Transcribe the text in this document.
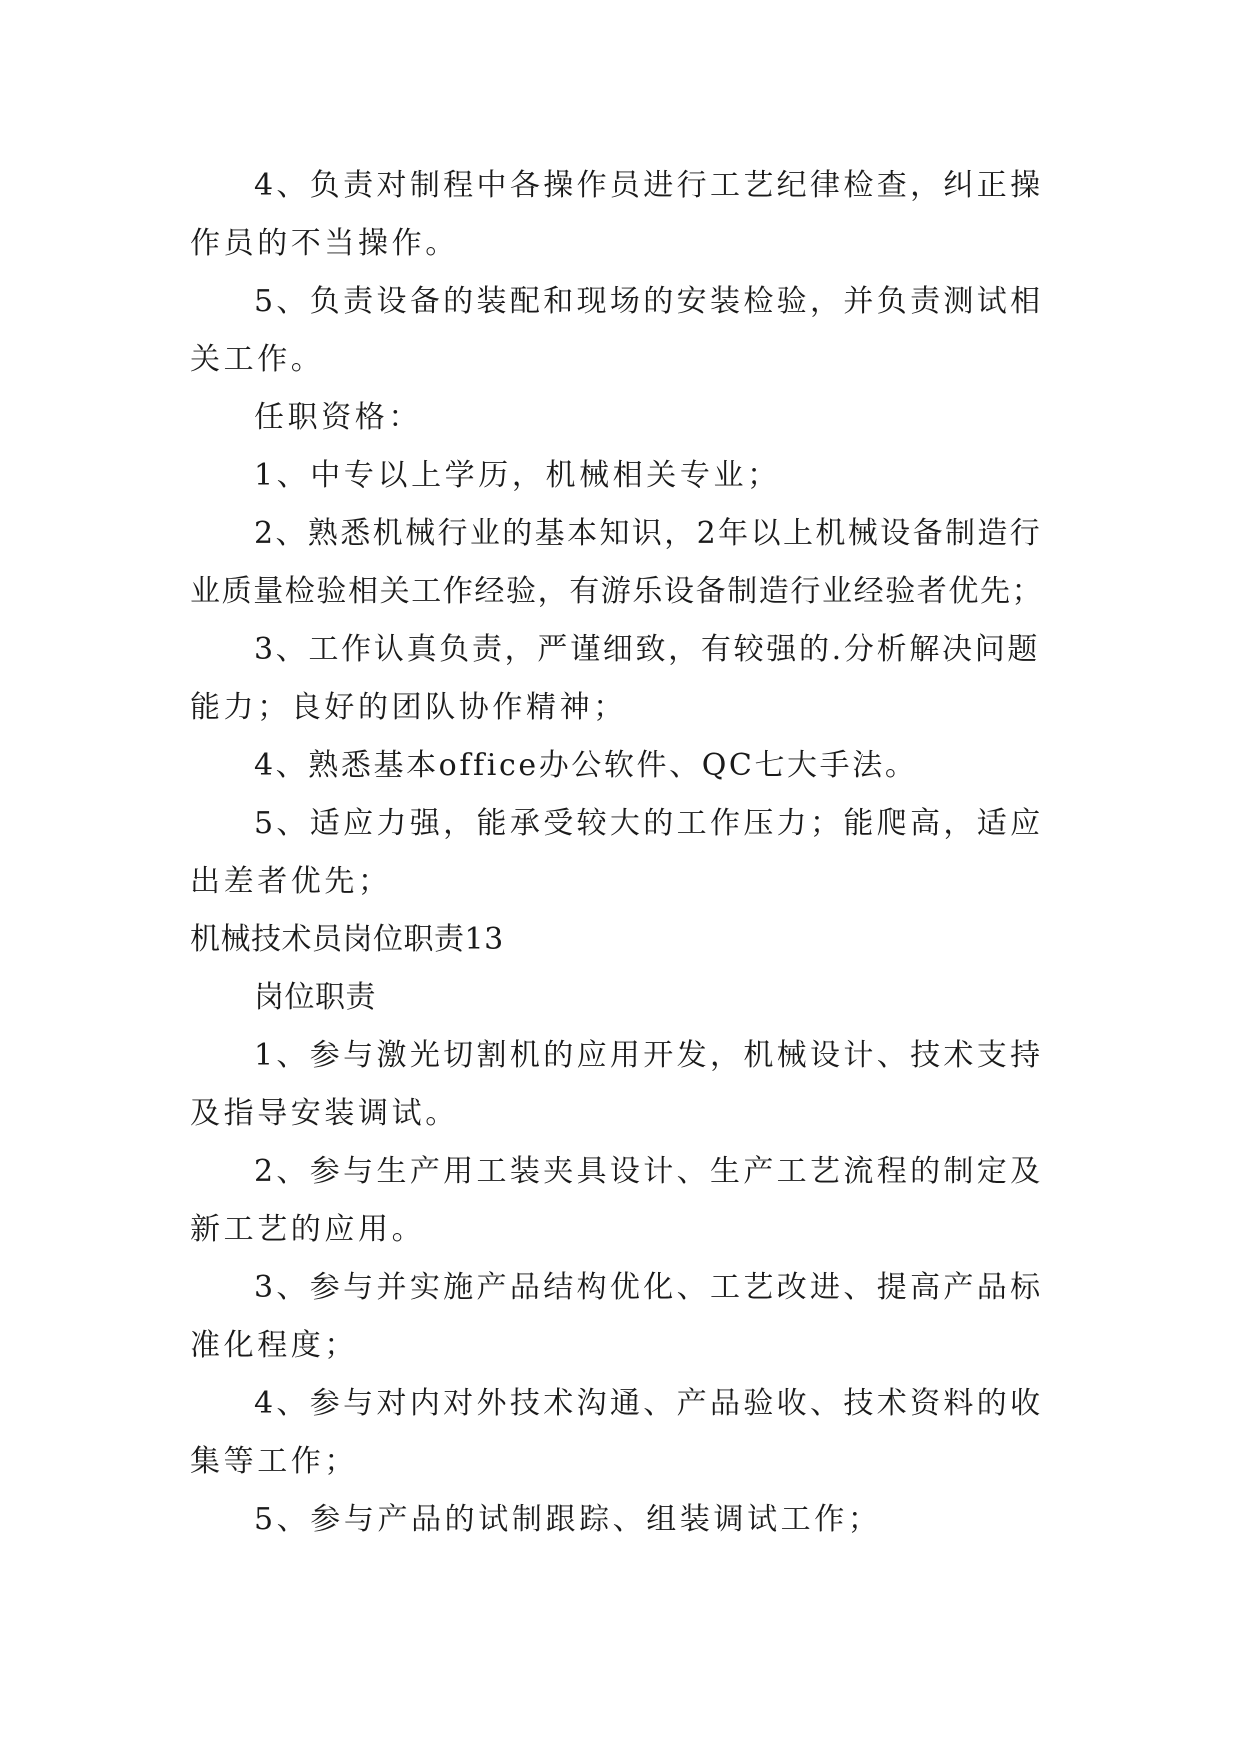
4、负责对制程中各操作员进行工艺纪律检查，纠正操
作员的不当操作。
5、负责设备的装配和现场的安装检验，并负责测试相
关工作。
任职资格：
1、中专以上学历，机械相关专业；
2、熟悉机械行业的基本知识，2年以上机械设备制造行
业质量检验相关工作经验，有游乐设备制造行业经验者优先；
3、工作认真负责，严谨细致，有较强的.分析解决问题
能力；良好的团队协作精神；
4、熟悉基本office办公软件、QC七大手法。
5、适应力强，能承受较大的工作压力；能爬高，适应
出差者优先；
机械技术员岗位职责13
岗位职责
1、参与激光切割机的应用开发，机械设计、技术支持
及指导安装调试。
2、参与生产用工装夹具设计、生产工艺流程的制定及
新工艺的应用。
3、参与并实施产品结构优化、工艺改进、提高产品标
准化程度；
4、参与对内对外技术沟通、产品验收、技术资料的收
集等工作；
5、参与产品的试制跟踪、组装调试工作；
